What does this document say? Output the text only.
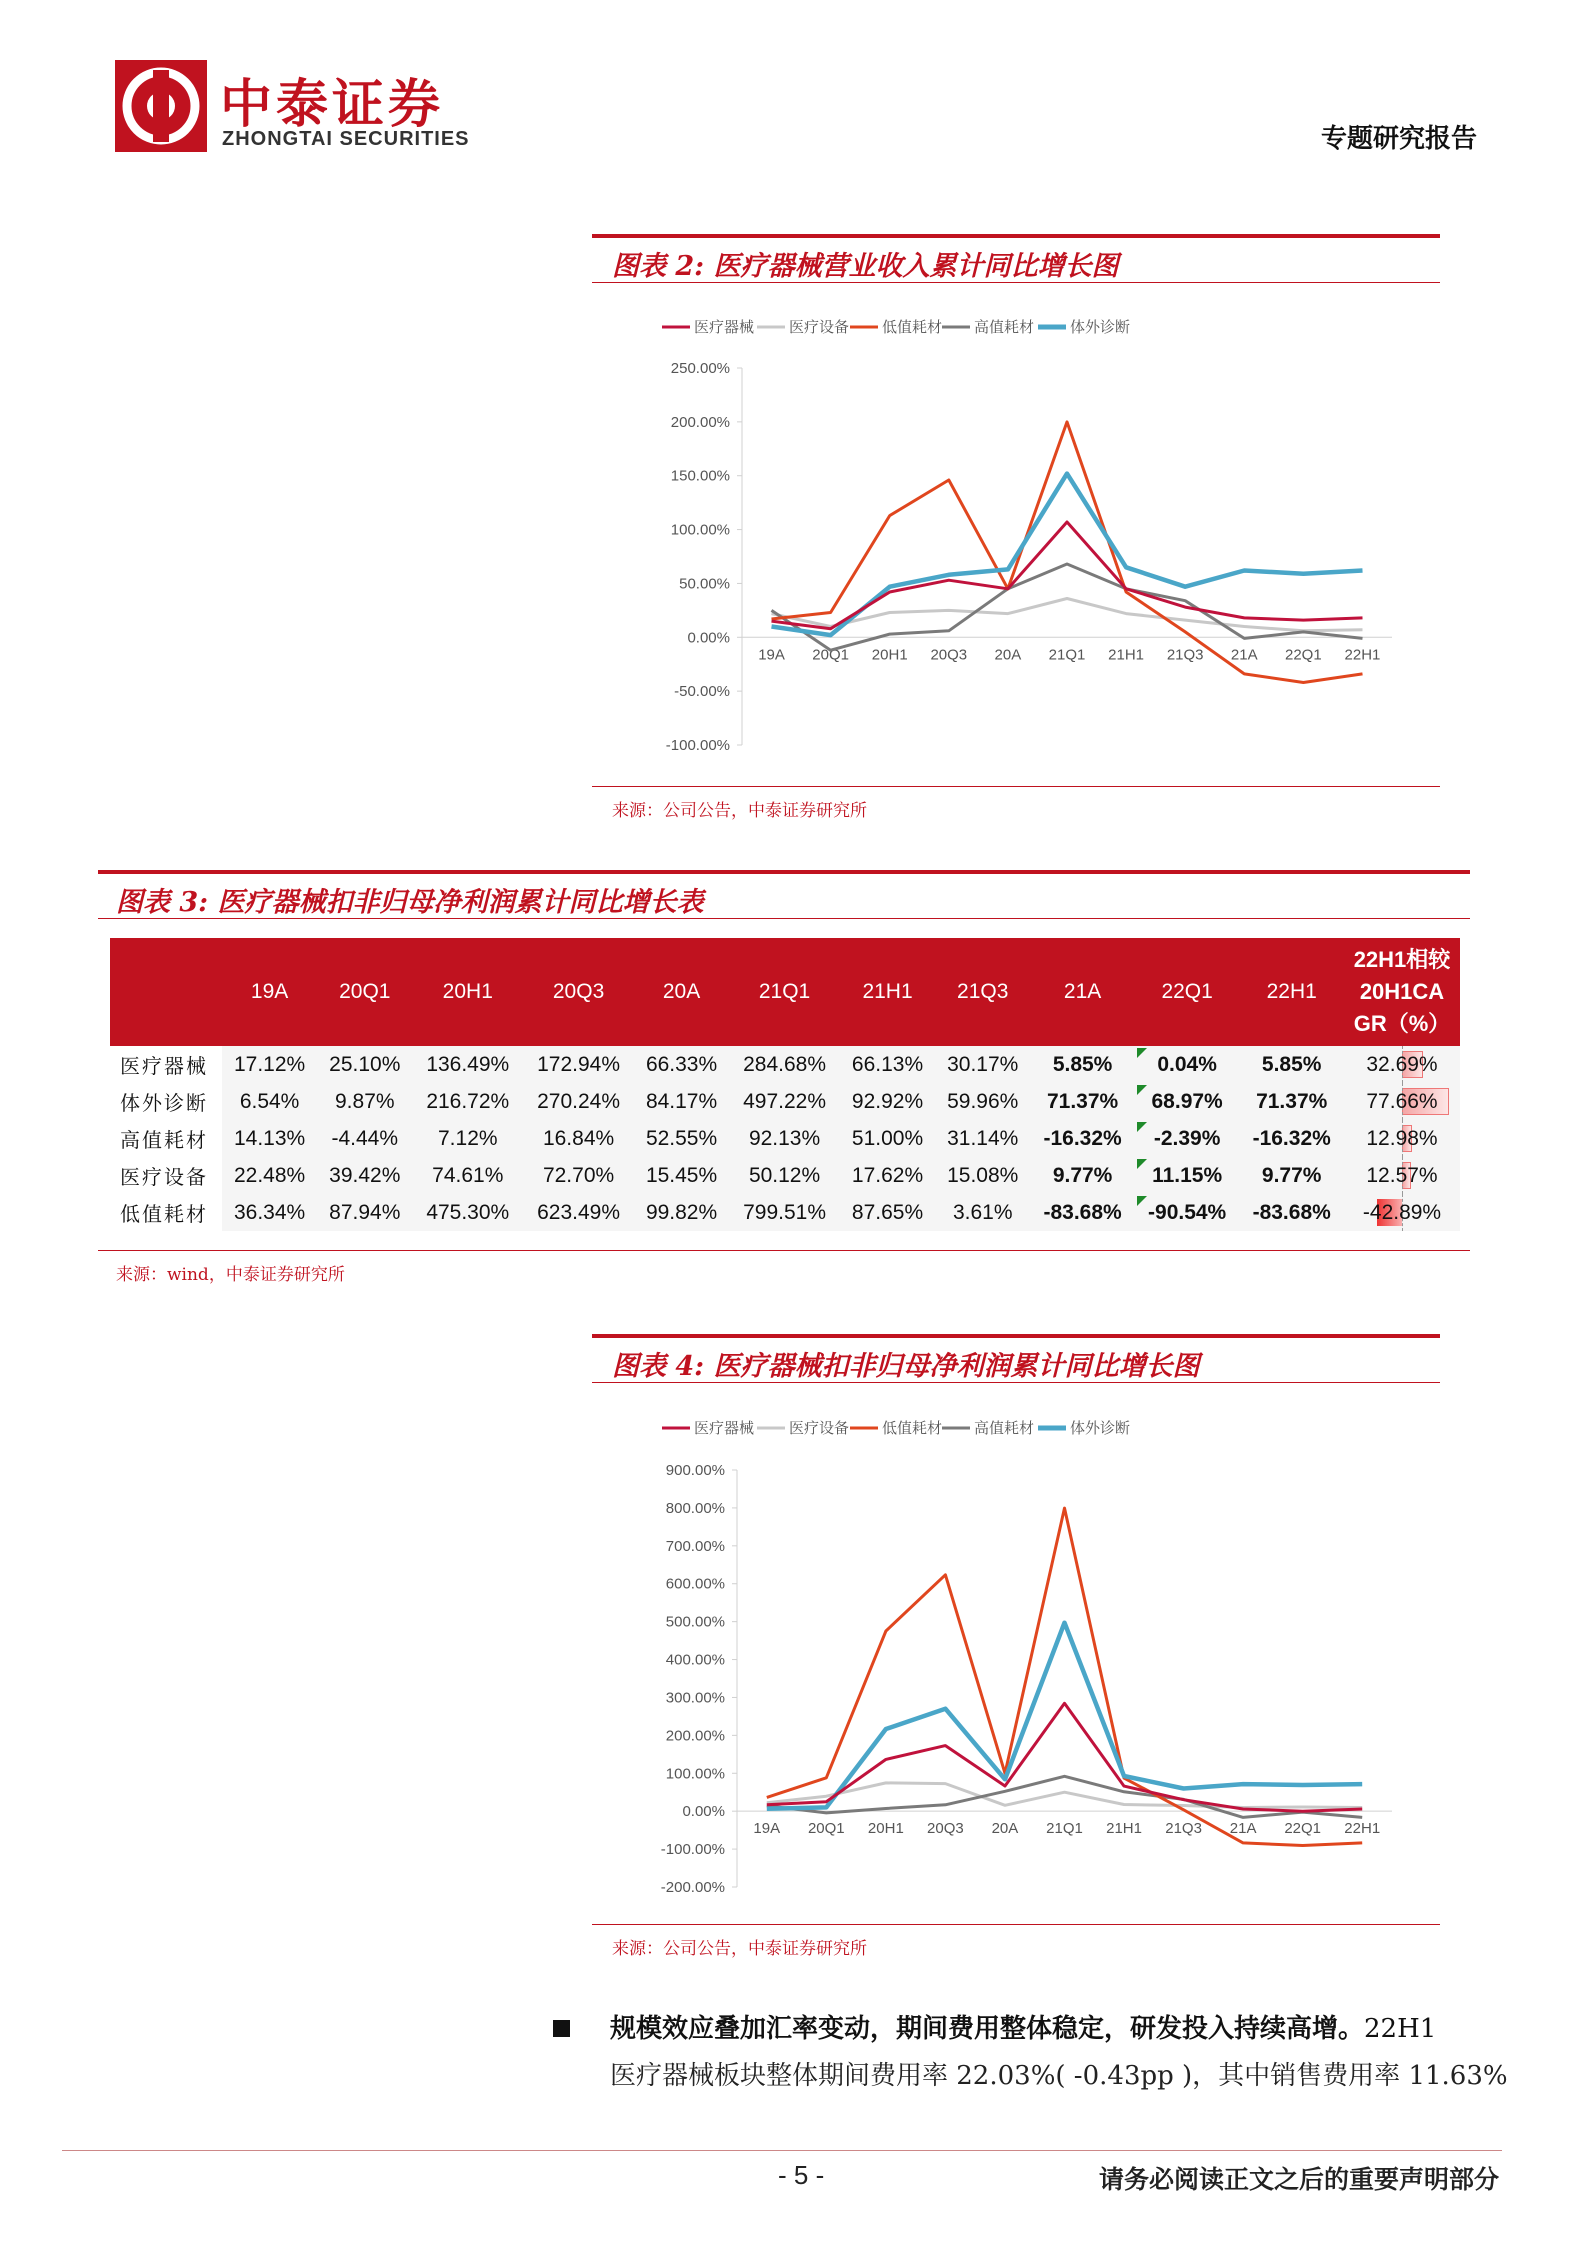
中泰证券
ZHONGTAI SECURITIES	专题研究报告
图表 2: 医疗器械营业收入累计同比增长图
医疗器械 医疗设备 低值耗材 高值耗材 体外诊断
-100.00%
-50.00%
0.00%
50.00%
100.00%
150.00%
200.00%
250.00%
19A 20Q1 20H1 20Q3 20A 21Q1 21H1 21Q3 21A 22Q1 22H1
来源：公司公告，中泰证券研究所
图表 3: 医疗器械扣非归母净利润累计同比增长表
	19A	20Q1	20H1	20Q3	20A	21Q1	21H1	21Q3	21A	22Q1	22H1	22H1相较
20H1CA
GR（%）

医疗器械	17.12%	25.10%	136.49%	172.94%	66.33%	284.68%	66.13%	30.17%	5.85%	0.04%	5.85%	32.69%
体外诊断	6.54%	9.87%	216.72%	270.24%	84.17%	497.22%	92.92%	59.96%	71.37%	68.97%	71.37%	77.66%
高值耗材	14.13%	-4.44%	7.12%	16.84%	52.55%	92.13%	51.00%	31.14%	-16.32%	-2.39%	-16.32%	12.98%
医疗设备	22.48%	39.42%	74.61%	72.70%	15.45%	50.12%	17.62%	15.08%	9.77%	11.15%	9.77%	12.57%
低值耗材	36.34%	87.94%	475.30%	623.49%	99.82%	799.51%	87.65%	3.61%	-83.68%	-90.54%	-83.68%	-42.89%
来源：wind，中泰证券研究所
图表 4: 医疗器械扣非归母净利润累计同比增长图
医疗器械 医疗设备 低值耗材 高值耗材 体外诊断
-200.00%
-100.00%
0.00%
100.00%
200.00%
300.00%
400.00%
500.00%
600.00%
700.00%
800.00%
900.00%
19A 20Q1 20H1 20Q3 20A 21Q1 21H1 21Q3 21A 22Q1 22H1
来源：公司公告，中泰证券研究所
规模效应叠加汇率变动，期间费用整体稳定，研发投入持续高增。22H1
医疗器械板块整体期间费用率 22.03%( -0.43pp )，其中销售费用率 11.63%
- 5 -	请务必阅读正文之后的重要声明部分
